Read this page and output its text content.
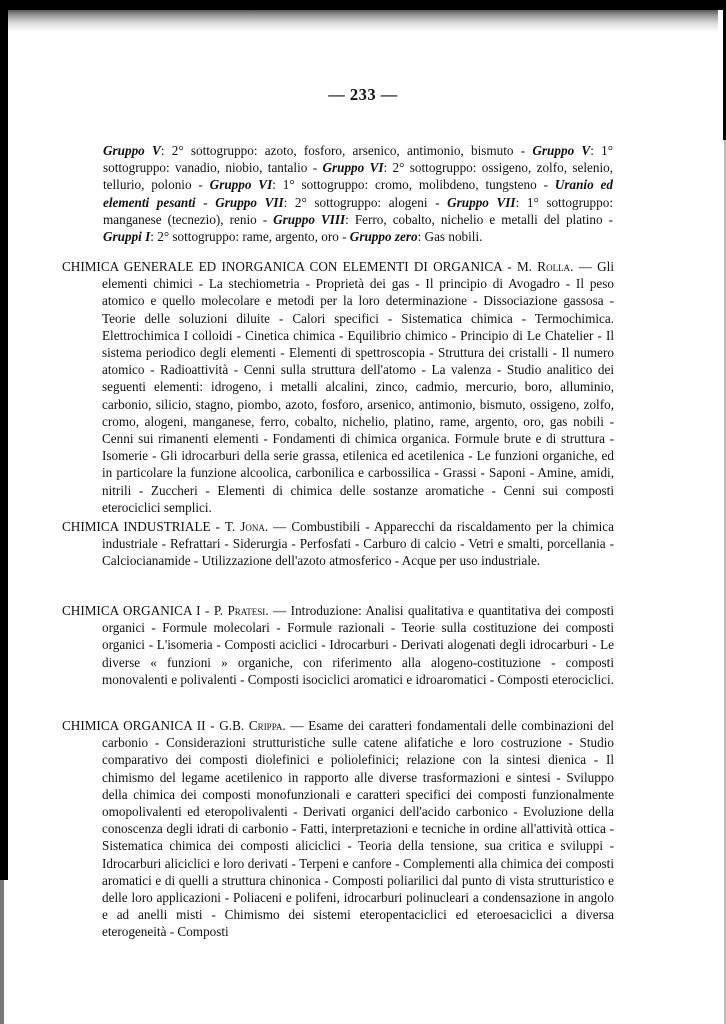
— 233 —

Gruppo V: 2° sottogruppo: azoto, fosforo, arsenico, antimonio, bismuto - Gruppo V: 1° sottogruppo: vanadio, niobio, tantalio - Gruppo VI: 2° sottogruppo: ossigeno, zolfo, selenio, tellurio, polonio - Gruppo VI: 1° sottogruppo: cromo, molibdeno, tungsteno - Uranio ed elementi pesanti - Gruppo VII: 2° sottogruppo: alogeni - Gruppo VII: 1° sottogruppo: manganese (tecnezio), renio - Gruppo VIII: Ferro, cobalto, nichelio e metalli del platino - Gruppi I: 2° sottogruppo: rame, argento, oro - Gruppo zero: Gas nobili.

CHIMICA GENERALE ED INORGANICA CON ELEMENTI DI ORGANICA - M. Rolla. — Gli elementi chimici - La stechiometria - Proprietà dei gas - Il principio di Avogadro - Il peso atomico e quello molecolare e metodi per la loro determinazione - Dissociazione gassosa - Teorie delle soluzioni diluite - Calori specifici - Sistematica chimica - Termochimica. Elettrochimica I colloidi - Cinetica chimica - Equilibrio chimico - Principio di Le Chatelier - Il sistema periodico degli elementi - Elementi di spettroscopia - Struttura dei cristalli - Il numero atomico - Radioattività - Cenni sulla struttura dell'atomo - La valenza - Studio analitico dei seguenti elementi: idrogeno, i metalli alcalini, zinco, cadmio, mercurio, boro, alluminio, carbonio, silicio, stagno, piombo, azoto, fosforo, arsenico, antimonio, bismuto, ossigeno, zolfo, cromo, alogeni, manganese, ferro, cobalto, nichelio, platino, rame, argento, oro, gas nobili - Cenni sui rimanenti elementi - Fondamenti di chimica organica. Formule brute e di struttura - Isomerie - Gli idrocarburi della serie grassa, etilenica ed acetilenica - Le funzioni organiche, ed in particolare la funzione alcoolica, carbonilica e carbossilica - Grassi - Saponi - Amine, amidi, nitrili - Zuccheri - Elementi di chimica delle sostanze aromatiche - Cenni sui composti eterociclici semplici.
CHIMICA INDUSTRIALE - T. Jona. — Combustibili - Apparecchi da riscaldamento per la chimica industriale - Refrattari - Siderurgia - Perfosfati - Carburo di calcio - Vetri e smalti, porcellania - Calciocianamide - Utilizzazione dell'azoto atmosferico - Acque per uso industriale.
CHIMICA ORGANICA I - P. Pratesi. — Introduzione: Analisi qualitativa e quantitativa dei composti organici - Formule molecolari - Formule razionali - Teorie sulla costituzione dei composti organici - L'isomeria - Composti aciclici - Idrocarburi - Derivati alogenati degli idrocarburi - Le diverse « funzioni » organiche, con riferimento alla alogeno-costituzione - composti monovalenti e polivalenti - Composti isociclici aromatici e idroaromatici - Composti eterociclici.
CHIMICA ORGANICA II - G.B. Crippa. — Esame dei caratteri fondamentali delle combinazioni del carbonio - Considerazioni strutturistiche sulle catene alifatiche e loro costruzione - Studio comparativo dei composti diolefinici e poliolefinici; relazione con la sintesi dienica - Il chimismo del legame acetilenico in rapporto alle diverse trasformazioni e sintesi - Sviluppo della chimica dei composti monofunzionali e caratteri specifici dei composti funzionalmente omopolivalenti ed eteropolivalenti - Derivati organici dell'acido carbonico - Evoluzione della conoscenza degli idrati di carbonio - Fatti, interpretazioni e tecniche in ordine all'attività ottica - Sistematica chimica dei composti aliciclici - Teoria della tensione, sua critica e sviluppi - Idrocarburi aliciclici e loro derivati - Terpeni e canfore - Complementi alla chimica dei composti aromatici e di quelli a struttura chinonica - Composti poliarilici dal punto di vista strutturistico e delle loro applicazioni - Poliaceni e polifeni, idrocarburi polinucleari a condensazione in angolo e ad anelli misti - Chimismo dei sistemi eteropentaciclici ed eteroesaciclici a diversa eterogeneità - Composti
